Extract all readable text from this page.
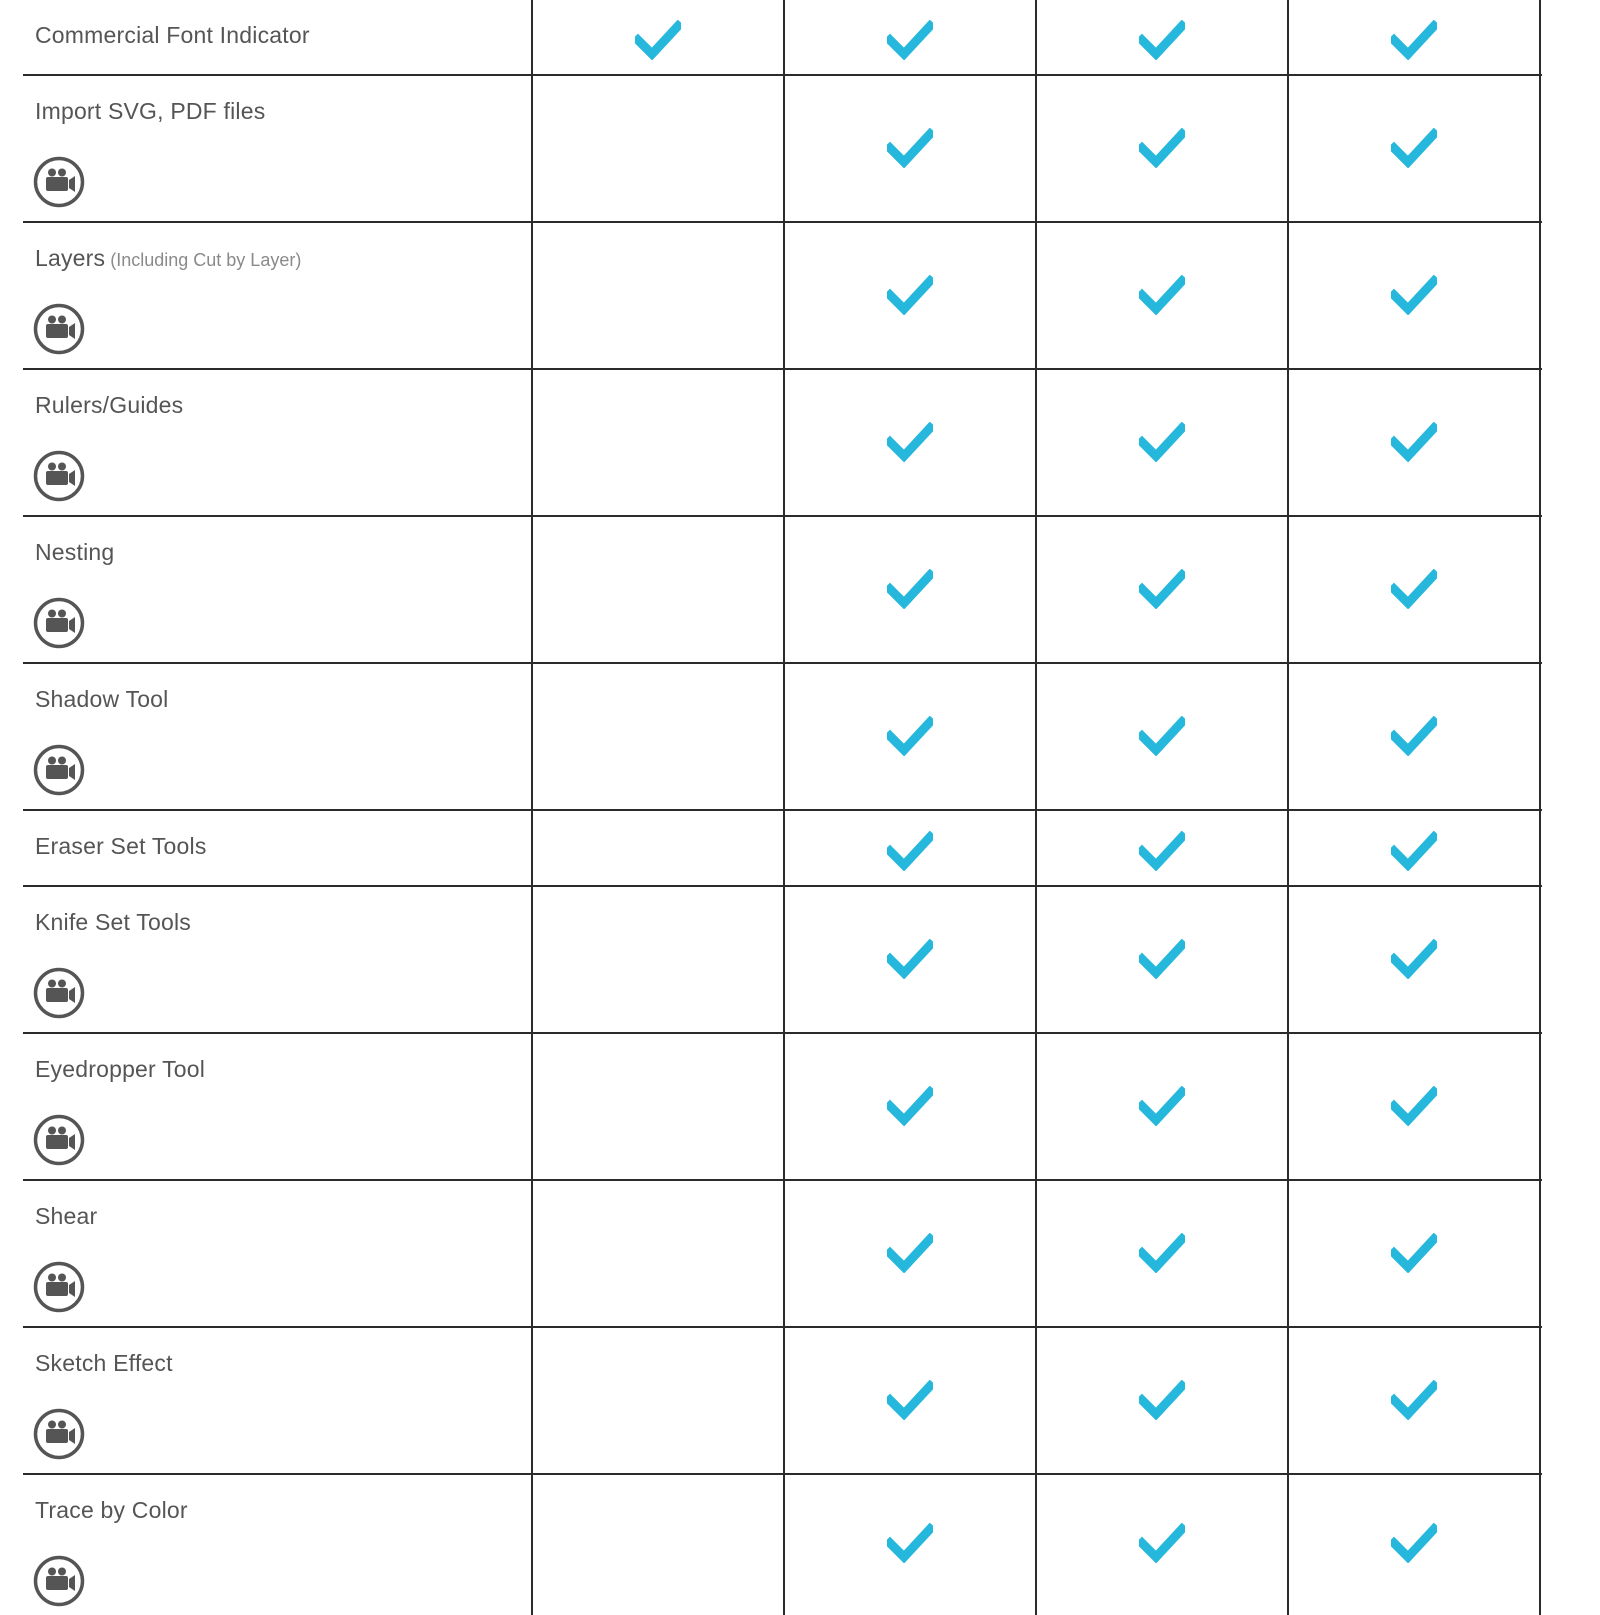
Commercial Font Indicator
Import SVG, PDF files
Layers (Including Cut by Layer)
Rulers/Guides
Nesting
Shadow Tool
Eraser Set Tools
Knife Set Tools
Eyedropper Tool
Shear
Sketch Effect
Trace by Color
